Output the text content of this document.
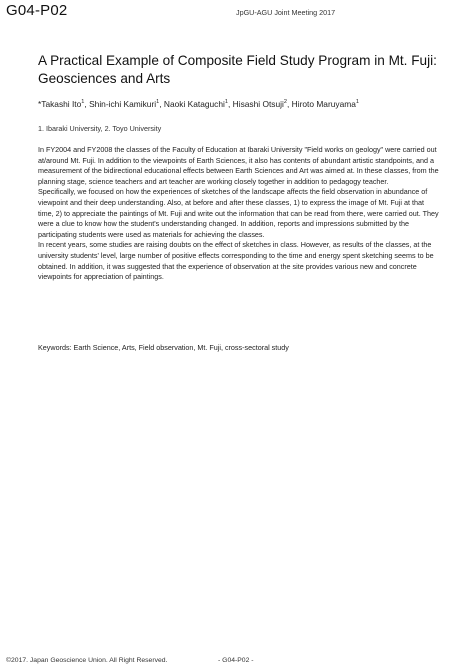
G04-P02	JpGU-AGU Joint Meeting 2017
A Practical Example of Composite Field Study Program in Mt. Fuji: Geosciences and Arts
*Takashi Ito$^1$, Shin-ichi Kamikuri$^1$, Naoki Kataguchi$^1$, Hisashi Otsuji$^2$, Hiroto Maruyama$^1$
1. Ibaraki University, 2. Toyo University

In FY2004 and FY2008 the classes of the Faculty of Education at Ibaraki University "Field works on geology" were carried out at/around Mt. Fuji. In addition to the viewpoints of Earth Sciences, it also has contents of abundant artistic standpoints, and a measurement of the bidirectional educational effects between Earth Sciences and Art was aimed at. In these classes, from the planning stage, science teachers and art teacher are working closely together in addition to pedagogy teacher.

Specifically, we focused on how the experiences of sketches of the landscape affects the field observation in abundance of viewpoint and their deep understanding. Also, at before and after these classes, 1) to express the image of Mt. Fuji at that time, 2) to appreciate the paintings of Mt. Fuji and write out the information that can be read from there, were carried out. They were a clue to know how the student's understanding changed. In addition, reports and impressions submitted by the participating students were used as materials for achieving the classes.

In recent years, some studies are raising doubts on the effect of sketches in class. However, as results of the classes, at the university students' level, large number of positive effects corresponding to the time and energy spent sketching seems to be obtained. In addition, it was suggested that the experience of observation at the site provides various new and concrete viewpoints for appreciation of paintings.

Keywords: Earth Science, Arts, Field observation, Mt. Fuji, cross-sectoral study
©2017. Japan Geoscience Union. All Right Reserved.	- G04-P02 -
